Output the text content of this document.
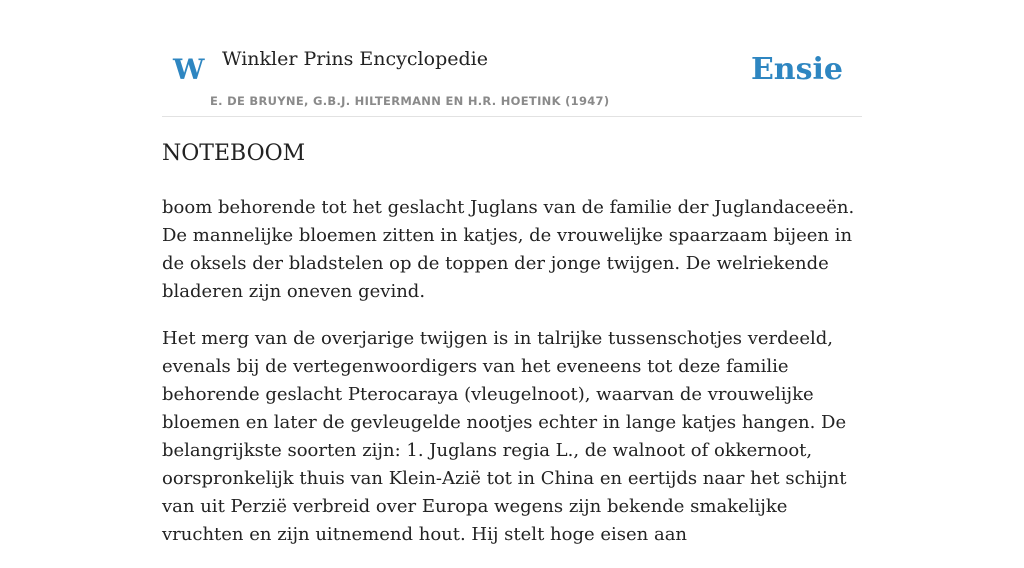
W Winkler Prins Encyclopedie
E. DE BRUYNE, G.B.J. HILTERMANN EN H.R. HOETINK (1947)
Ensie
NOTEBOOM

boom behorende tot het geslacht Juglans van de familie der Juglandaceeën. De mannelijke bloemen zitten in katjes, de vrouwelijke spaarzaam bijeen in de oksels der bladstelen op de toppen der jonge twijgen. De welriekende bladeren zijn oneven gevind.

Het merg van de overjarige twijgen is in talrijke tussenschotjes verdeeld, evenals bij de vertegenwoordigers van het eveneens tot deze familie behorende geslacht Pterocaraya (vleugelnoot), waarvan de vrouwelijke bloemen en later de gevleugelde nootjes echter in lange katjes hangen. De belangrijkste soorten zijn: 1. Juglans regia L., de walnoot of okkernoot, oorspronkelijk thuis van Klein-Azië tot in China en eertijds naar het schijnt van uit Perzië verbreid over Europa wegens zijn bekende smakelijke vruchten en zijn uitnemend hout. Hij stelt hoge eisen aan
